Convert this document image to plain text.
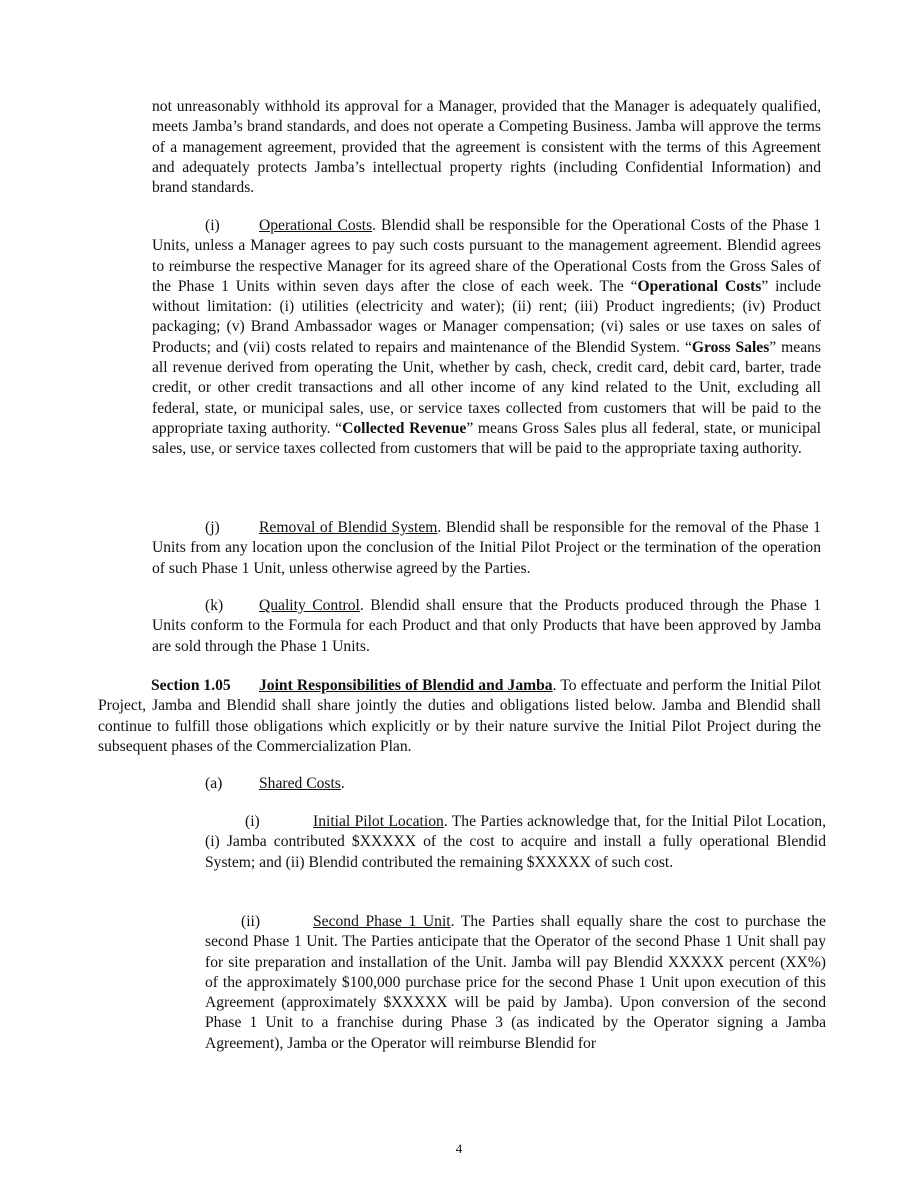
not unreasonably withhold its approval for a Manager, provided that the Manager is adequately qualified, meets Jamba’s brand standards, and does not operate a Competing Business. Jamba will approve the terms of a management agreement, provided that the agreement is consistent with the terms of this Agreement and adequately protects Jamba’s intellectual property rights (including Confidential Information) and brand standards.

(i)	Operational Costs. Blendid shall be responsible for the Operational Costs of the Phase 1 Units, unless a Manager agrees to pay such costs pursuant to the management agreement. Blendid agrees to reimburse the respective Manager for its agreed share of the Operational Costs from the Gross Sales of the Phase 1 Units within seven days after the close of each week. The “Operational Costs” include without limitation: (i) utilities (electricity and water); (ii) rent; (iii) Product ingredients; (iv) Product packaging; (v) Brand Ambassador wages or Manager compensation; (vi) sales or use taxes on sales of Products; and (vii) costs related to repairs and maintenance of the Blendid System. “Gross Sales” means all revenue derived from operating the Unit, whether by cash, check, credit card, debit card, barter, trade credit, or other credit transactions and all other income of any kind related to the Unit, excluding all federal, state, or municipal sales, use, or service taxes collected from customers that will be paid to the appropriate taxing authority. “Collected Revenue” means Gross Sales plus all federal, state, or municipal sales, use, or service taxes collected from customers that will be paid to the appropriate taxing authority.

(j)	Removal of Blendid System. Blendid shall be responsible for the removal of the Phase 1 Units from any location upon the conclusion of the Initial Pilot Project or the termination of the operation of such Phase 1 Unit, unless otherwise agreed by the Parties.

(k) Quality Control. Blendid shall ensure that the Products produced through the Phase 1 Units conform to the Formula for each Product and that only Products that have been approved by Jamba are sold through the Phase 1 Units.

Section 1.05 Joint Responsibilities of Blendid and Jamba. To effectuate and perform the Initial Pilot Project, Jamba and Blendid shall share jointly the duties and obligations listed below. Jamba and Blendid shall continue to fulfill those obligations which explicitly or by their nature survive the Initial Pilot Project during the subsequent phases of the Commercialization Plan.

(a) Shared Costs.

(i)	Initial Pilot Location. The Parties acknowledge that, for the Initial Pilot Location, (i) Jamba contributed $XXXXX of the cost to acquire and install a fully operational Blendid System; and (ii) Blendid contributed the remaining $XXXXX of such cost.

(ii)	Second Phase 1 Unit. The Parties shall equally share the cost to purchase the second Phase 1 Unit. The Parties anticipate that the Operator of the second Phase 1 Unit shall pay for site preparation and installation of the Unit. Jamba will pay Blendid XXXXX percent (XX%) of the approximately $100,000 purchase price for the second Phase 1 Unit upon execution of this Agreement (approximately $XXXXX will be paid by Jamba). Upon conversion of the second Phase 1 Unit to a franchise during Phase 3 (as indicated by the Operator signing a Jamba Agreement), Jamba or the Operator will reimburse Blendid for

4
